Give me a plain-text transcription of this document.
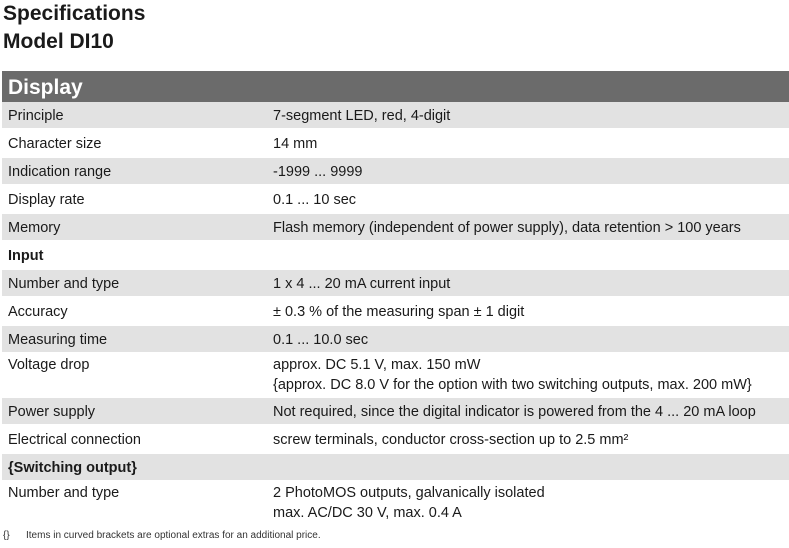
Specifications
Model DI10
Display
Principle	7-segment LED, red, 4-digit
Character size	14 mm
Indication range	-1999 ... 9999
Display rate	0.1 ... 10 sec
Memory	Flash memory (independent of power supply), data retention > 100 years
Input
Number and type	1 x 4 ... 20 mA current input
Accuracy	± 0.3 % of the measuring span ± 1 digit
Measuring time	0.1 ... 10.0 sec
Voltage drop	approx. DC 5.1 V, max. 150 mW
{approx. DC 8.0 V for the option with two switching outputs, max. 200 mW}
Power supply	Not required, since the digital indicator is powered from the 4 ... 20 mA loop
Electrical connection	screw terminals, conductor cross-section up to 2.5 mm²
{Switching output}
Number and type	2 PhotoMOS outputs, galvanically isolated
max. AC/DC 30 V, max. 0.4 A
{} Items in curved brackets are optional extras for an additional price.
